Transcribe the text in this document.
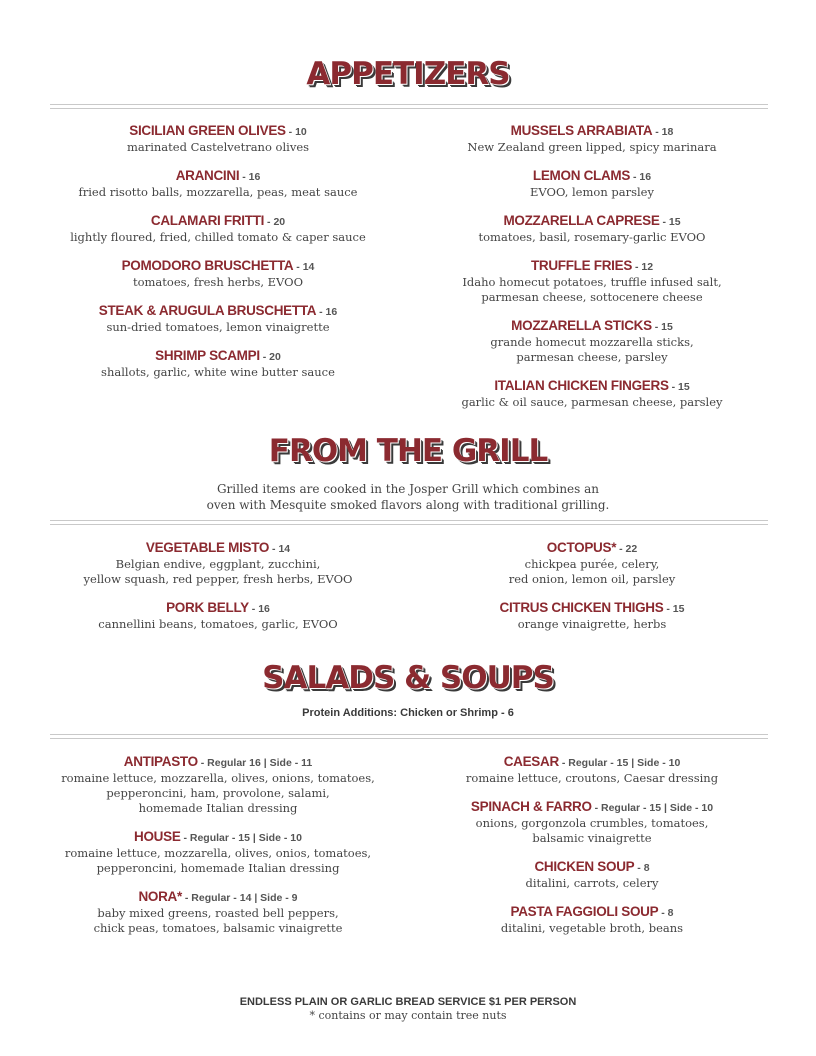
APPETIZERS
SICILIAN GREEN OLIVES - 10
marinated Castelvetrano olives
ARANCINI - 16
fried risotto balls, mozzarella, peas, meat sauce
CALAMARI FRITTI - 20
lightly floured, fried, chilled tomato & caper sauce
POMODORO BRUSCHETTA - 14
tomatoes, fresh herbs, EVOO
STEAK & ARUGULA BRUSCHETTA - 16
sun-dried tomatoes, lemon vinaigrette
SHRIMP SCAMPI - 20
shallots, garlic, white wine butter sauce
MUSSELS ARRABIATA - 18
New Zealand green lipped, spicy marinara
LEMON CLAMS - 16
EVOO, lemon parsley
MOZZARELLA CAPRESE - 15
tomatoes, basil, rosemary-garlic EVOO
TRUFFLE FRIES - 12
Idaho homecut potatoes, truffle infused salt,
parmesan cheese, sottocenere cheese
MOZZARELLA STICKS - 15
grande homecut mozzarella sticks,
parmesan cheese, parsley
ITALIAN CHICKEN FINGERS - 15
garlic & oil sauce, parmesan cheese, parsley
FROM THE GRILL
Grilled items are cooked in the Josper Grill which combines an
oven with Mesquite smoked flavors along with traditional grilling.
VEGETABLE MISTO - 14
Belgian endive, eggplant, zucchini,
yellow squash, red pepper, fresh herbs, EVOO
PORK BELLY - 16
cannellini beans, tomatoes, garlic, EVOO
OCTOPUS* - 22
chickpea purée, celery,
red onion, lemon oil, parsley
CITRUS CHICKEN THIGHS - 15
orange vinaigrette, herbs
SALADS & SOUPS
Protein Additions: Chicken or Shrimp - 6
ANTIPASTO - Regular 16 | Side - 11
romaine lettuce, mozzarella, olives, onions, tomatoes,
pepperoncini, ham, provolone, salami,
homemade Italian dressing
HOUSE - Regular - 15 | Side - 10
romaine lettuce, mozzarella, olives, onios, tomatoes,
pepperoncini, homemade Italian dressing
NORA* - Regular - 14 | Side - 9
baby mixed greens, roasted bell peppers,
chick peas, tomatoes, balsamic vinaigrette
CAESAR - Regular - 15 | Side - 10
romaine lettuce, croutons, Caesar dressing
SPINACH & FARRO - Regular - 15 | Side - 10
onions, gorgonzola crumbles, tomatoes,
balsamic vinaigrette
CHICKEN SOUP - 8
ditalini, carrots, celery
PASTA FAGGIOLI SOUP - 8
ditalini, vegetable broth, beans
ENDLESS PLAIN OR GARLIC BREAD SERVICE $1 PER PERSON
* contains or may contain tree nuts
